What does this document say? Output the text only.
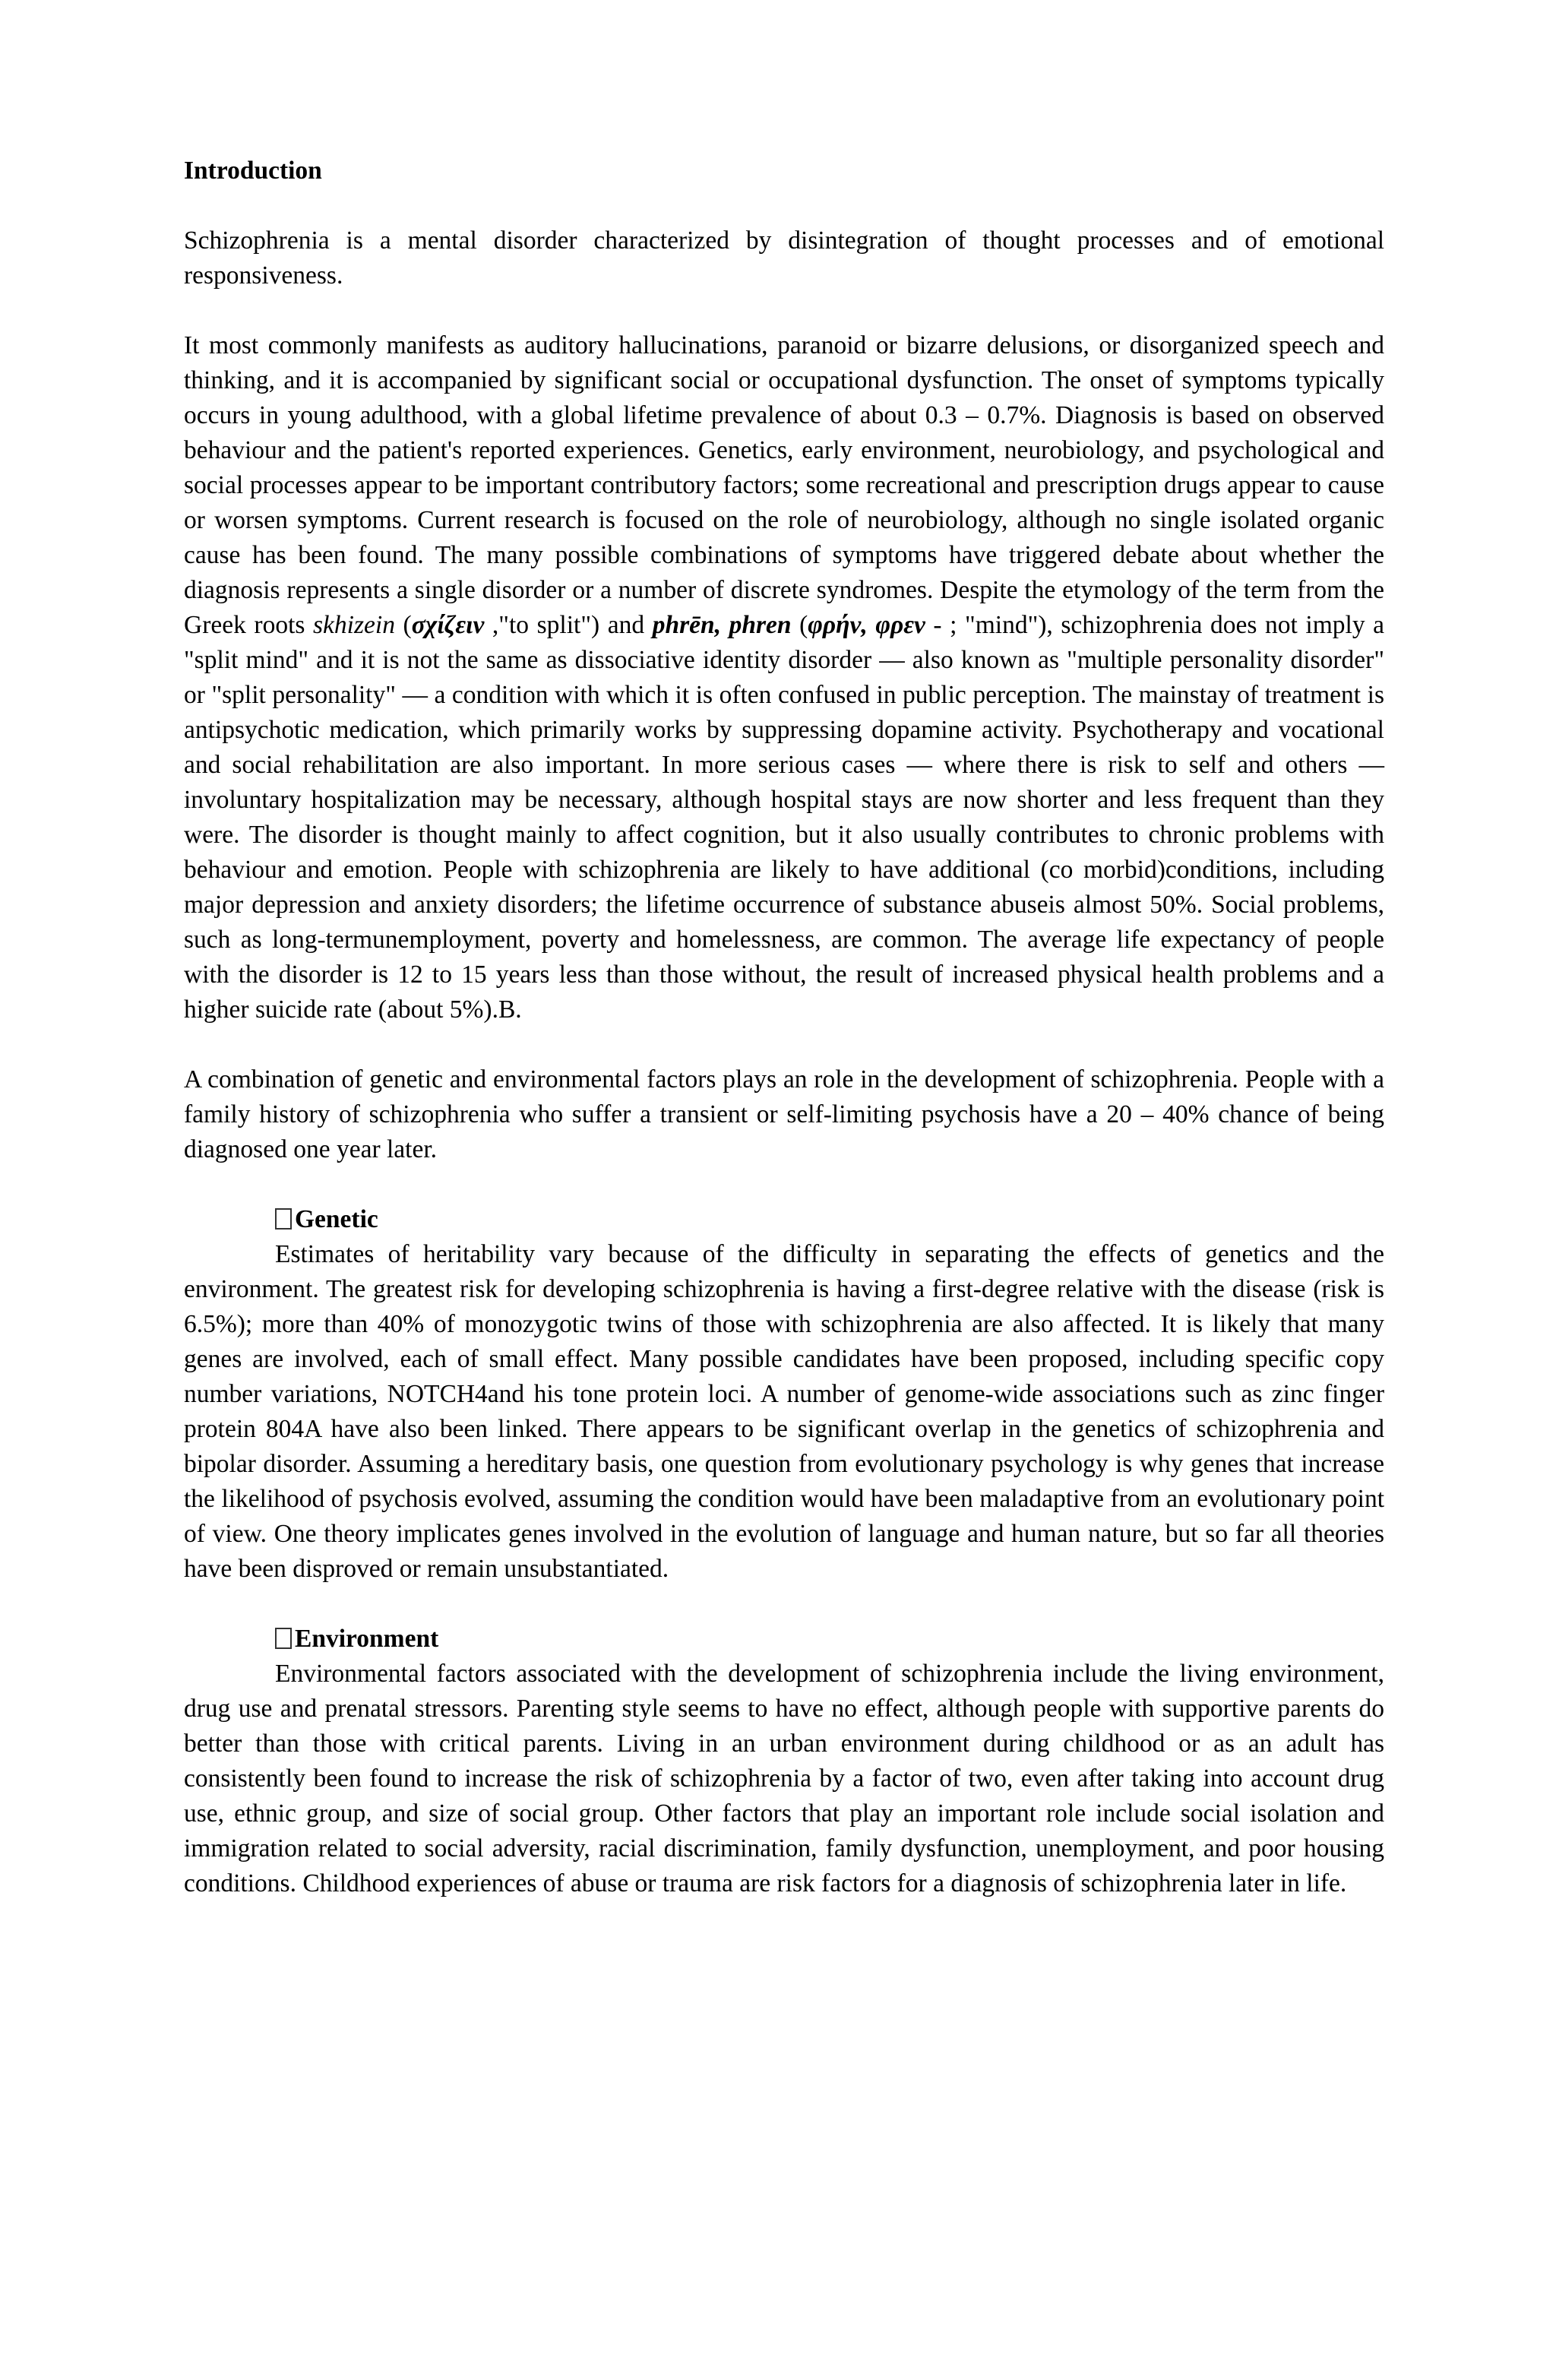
Introduction

Schizophrenia is a mental disorder characterized by disintegration of thought processes and of emotional responsiveness.

It most commonly manifests as auditory hallucinations, paranoid or bizarre delusions, or disorganized speech and thinking, and it is accompanied by significant social or occupational dysfunction. The onset of symptoms typically occurs in young adulthood, with a global lifetime prevalence of about 0.3 – 0.7%. Diagnosis is based on observed behaviour and the patient's reported experiences. Genetics, early environment, neurobiology, and psychological and social processes appear to be important contributory factors; some recreational and prescription drugs appear to cause or worsen symptoms. Current research is focused on the role of neurobiology, although no single isolated organic cause has been found. The many possible combinations of symptoms have triggered debate about whether the diagnosis represents a single disorder or a number of discrete syndromes. Despite the etymology of the term from the Greek roots skhizein (σχίζειν ,"to split") and phrēn, phren (φρήν, φρεν - ; "mind"), schizophrenia does not imply a "split mind" and it is not the same as dissociative identity disorder — also known as "multiple personality disorder" or "split personality" — a condition with which it is often confused in public perception. The mainstay of treatment is antipsychotic medication, which primarily works by suppressing dopamine activity. Psychotherapy and vocational and social rehabilitation are also important. In more serious cases — where there is risk to self and others — involuntary hospitalization may be necessary, although hospital stays are now shorter and less frequent than they were. The disorder is thought mainly to affect cognition, but it also usually contributes to chronic problems with behaviour and emotion. People with schizophrenia are likely to have additional (co morbid)conditions, including major depression and anxiety disorders; the lifetime occurrence of substance abuseis almost 50%. Social problems, such as long-termunemployment, poverty and homelessness, are common. The average life expectancy of people with the disorder is 12 to 15 years less than those without, the result of increased physical health problems and a higher suicide rate (about 5%).B.

A combination of genetic and environmental factors plays an role in the development of schizophrenia. People with a family history of schizophrenia who suffer a transient or self-limiting psychosis have a 20 – 40% chance of being diagnosed one year later.

Genetic

Estimates of heritability vary because of the difficulty in separating the effects of genetics and the environment. The greatest risk for developing schizophrenia is having a first-degree relative with the disease (risk is 6.5%); more than 40% of monozygotic twins of those with schizophrenia are also affected. It is likely that many genes are involved, each of small effect. Many possible candidates have been proposed, including specific copy number variations, NOTCH4and his tone protein loci. A number of genome-wide associations such as zinc finger protein 804A have also been linked. There appears to be significant overlap in the genetics of schizophrenia and bipolar disorder. Assuming a hereditary basis, one question from evolutionary psychology is why genes that increase the likelihood of psychosis evolved, assuming the condition would have been maladaptive from an evolutionary point of view. One theory implicates genes involved in the evolution of language and human nature, but so far all theories have been disproved or remain unsubstantiated.

Environment

Environmental factors associated with the development of schizophrenia include the living environment, drug use and prenatal stressors. Parenting style seems to have no effect, although people with supportive parents do better than those with critical parents. Living in an urban environment during childhood or as an adult has consistently been found to increase the risk of schizophrenia by a factor of two, even after taking into account drug use, ethnic group, and size of social group. Other factors that play an important role include social isolation and immigration related to social adversity, racial discrimination, family dysfunction, unemployment, and poor housing conditions. Childhood experiences of abuse or trauma are risk factors for a diagnosis of schizophrenia later in life.
